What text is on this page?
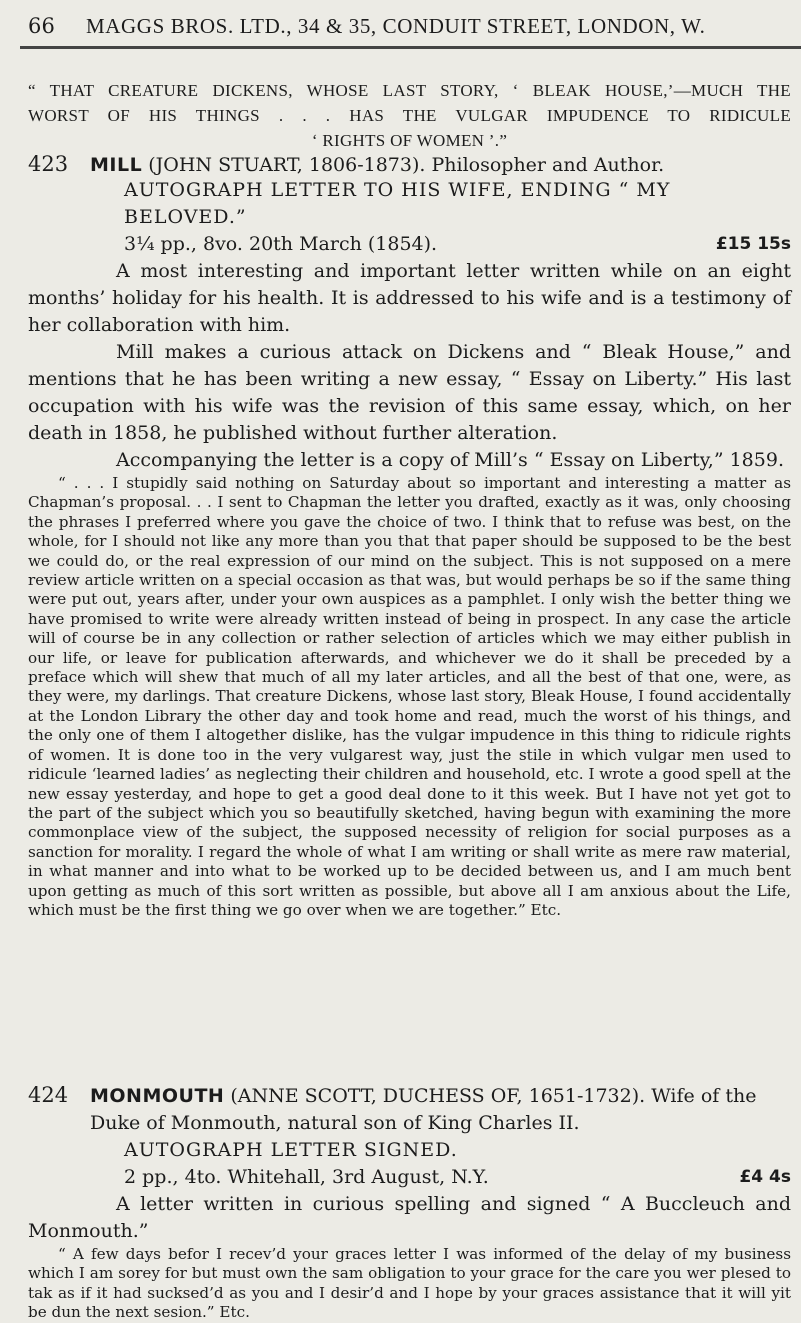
66	MAGGS BROS. LTD., 34 & 35, CONDUIT STREET, LONDON, W.
“ THAT CREATURE DICKENS, WHOSE LAST STORY, ‘ BLEAK HOUSE,’—MUCH THE
WORST OF HIS THINGS . . . HAS THE VULGAR IMPUDENCE TO RIDICULE
‘ RIGHTS OF WOMEN ’.”
423 MILL (JOHN STUART, 1806-1873). Philosopher and Author.
AUTOGRAPH LETTER TO HIS WIFE, ENDING “ MY BELOVED.”
3¼ pp., 8vo. 20th March (1854).	£15 15s

A most interesting and important letter written while on an eight months’ holiday for his health. It is addressed to his wife and is a testimony of her collaboration with him.

Mill makes a curious attack on Dickens and “ Bleak House,” and mentions that he has been writing a new essay, “ Essay on Liberty.” His last occupation with his wife was the revision of this same essay, which, on her death in 1858, he published without further alteration.

Accompanying the letter is a copy of Mill’s “ Essay on Liberty,” 1859.

“ . . . I stupidly said nothing on Saturday about so important and interesting a matter as Chapman’s proposal. . . I sent to Chapman the letter you drafted, exactly as it was, only choosing the phrases I preferred where you gave the choice of two. I think that to refuse was best, on the whole, for I should not like any more than you that that paper should be supposed to be the best we could do, or the real expression of our mind on the subject. This is not supposed on a mere review article written on a special occasion as that was, but would perhaps be so if the same thing were put out, years after, under your own auspices as a pamphlet. I only wish the better thing we have promised to write were already written instead of being in prospect. In any case the article will of course be in any collection or rather selection of articles which we may either publish in our life, or leave for publication afterwards, and whichever we do it shall be preceded by a preface which will shew that much of all my later articles, and all the best of that one, were, as they were, my darlings. That creature Dickens, whose last story, Bleak House, I found accidentally at the London Library the other day and took home and read, much the worst of his things, and the only one of them I altogether dislike, has the vulgar impudence in this thing to ridicule rights of women. It is done too in the very vulgarest way, just the stile in which vulgar men used to ridicule ‘learned ladies’ as neglecting their children and household, etc. I wrote a good spell at the new essay yesterday, and hope to get a good deal done to it this week. But I have not yet got to the part of the subject which you so beautifully sketched, having begun with examining the more commonplace view of the subject, the supposed necessity of religion for social purposes as a sanction for morality. I regard the whole of what I am writing or shall write as mere raw material, in what manner and into what to be worked up to be decided between us, and I am much bent upon getting as much of this sort written as possible, but above all I am anxious about the Life, which must be the first thing we go over when we are together.” Etc.

424 MONMOUTH (ANNE SCOTT, DUCHESS OF, 1651-1732). Wife of the Duke of Monmouth, natural son of King Charles II.
AUTOGRAPH LETTER SIGNED.
2 pp., 4to. Whitehall, 3rd August, N.Y.	£4 4s

A letter written in curious spelling and signed “ A Buccleuch and Monmouth.”

“ A few days befor I recev’d your graces letter I was informed of the delay of my business which I am sorey for but must own the sam obligation to your grace for the care you wer plesed to tak as if it had sucksed’d as you and I desir’d and I hope by your graces assistance that it will yit be dun the next sesion.” Etc.
